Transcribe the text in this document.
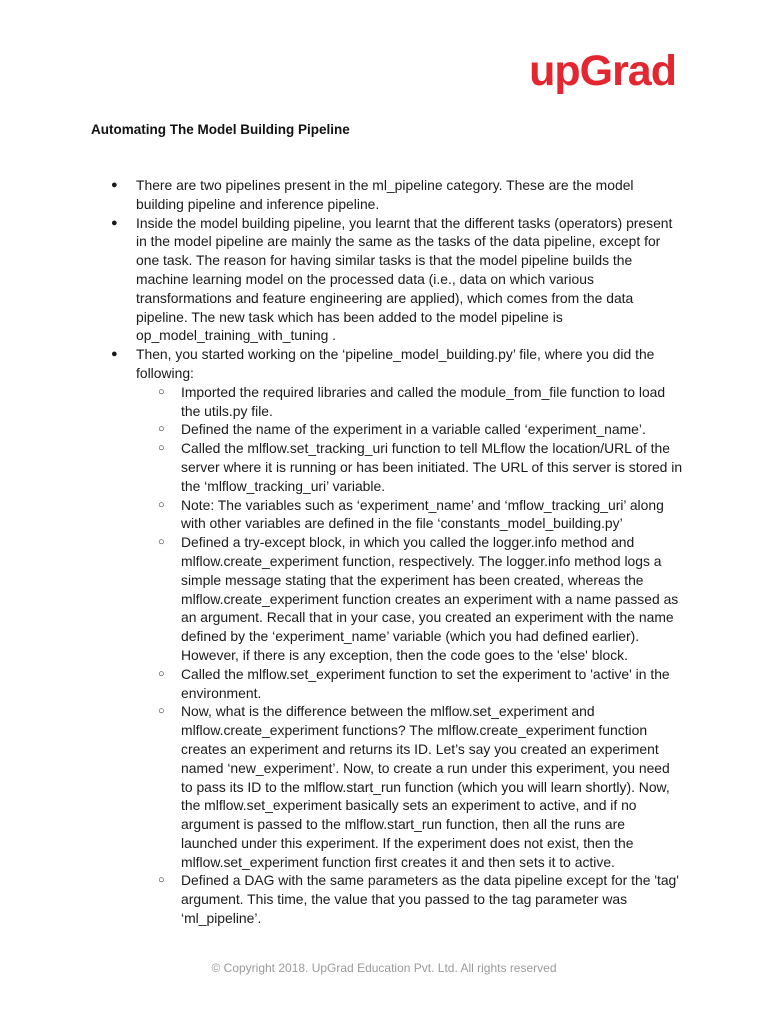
upGrad
Automating The Model Building Pipeline
● There are two pipelines present in the ml_pipeline category. These are the model building pipeline and inference pipeline.
● Inside the model building pipeline, you learnt that the different tasks (operators) present in the model pipeline are mainly the same as the tasks of the data pipeline, except for one task. The reason for having similar tasks is that the model pipeline builds the machine learning model on the processed data (i.e., data on which various transformations and feature engineering are applied), which comes from the data pipeline. The new task which has been added to the model pipeline is op_model_training_with_tuning .
● Then, you started working on the ‘pipeline_model_building.py’ file, where you did the following:
○ Imported the required libraries and called the module_from_file function to load the utils.py file.
○ Defined the name of the experiment in a variable called ‘experiment_name’.
○ Called the mlflow.set_tracking_uri function to tell MLflow the location/URL of the server where it is running or has been initiated. The URL of this server is stored in the ‘mlflow_tracking_uri’ variable.
○ Note: The variables such as ‘experiment_name’ and ‘mflow_tracking_uri’ along with other variables are defined in the file ‘constants_model_building.py’
○ Defined a try-except block, in which you called the logger.info method and mlflow.create_experiment function, respectively. The logger.info method logs a simple message stating that the experiment has been created, whereas the mlflow.create_experiment function creates an experiment with a name passed as an argument. Recall that in your case, you created an experiment with the name defined by the ‘experiment_name’ variable (which you had defined earlier). However, if there is any exception, then the code goes to the 'else' block.
○ Called the mlflow.set_experiment function to set the experiment to 'active' in the environment.
○ Now, what is the difference between the mlflow.set_experiment and mlflow.create_experiment functions? The mlflow.create_experiment function creates an experiment and returns its ID. Let’s say you created an experiment named ‘new_experiment’. Now, to create a run under this experiment, you need to pass its ID to the mlflow.start_run function (which you will learn shortly). Now, the mlflow.set_experiment basically sets an experiment to active, and if no argument is passed to the mlflow.start_run function, then all the runs are launched under this experiment. If the experiment does not exist, then the mlflow.set_experiment function first creates it and then sets it to active.
○ Defined a DAG with the same parameters as the data pipeline except for the 'tag' argument. This time, the value that you passed to the tag parameter was ‘ml_pipeline’.
© Copyright 2018. UpGrad Education Pvt. Ltd. All rights reserved
